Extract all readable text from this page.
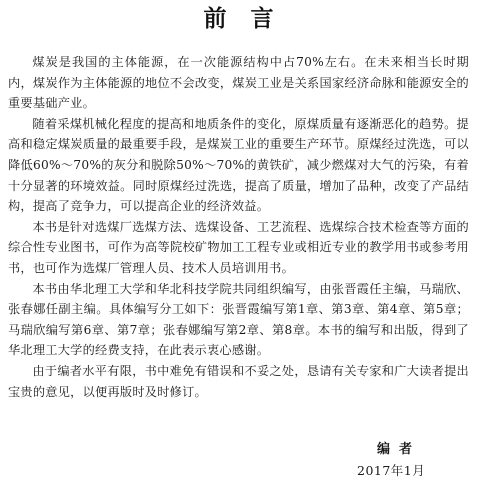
前言

煤炭是我国的主体能源，在一次能源结构中占70%左右。在未来相当长时期内，煤炭作为主体能源的地位不会改变，煤炭工业是关系国家经济命脉和能源安全的重要基础产业。

随着采煤机械化程度的提高和地质条件的变化，原煤质量有逐渐恶化的趋势。提高和稳定煤炭质量的最重要手段，是煤炭工业的重要生产环节。原煤经过洗选，可以降低60%～70%的灰分和脱除50%～70%的黄铁矿，减少燃煤对大气的污染，有着十分显著的环境效益。同时原煤经过洗选，提高了质量，增加了品种，改变了产品结构，提高了竞争力，可以提高企业的经济效益。

本书是针对选煤厂选煤方法、选煤设备、工艺流程、选煤综合技术检查等方面的综合性专业图书，可作为高等院校矿物加工工程专业或相近专业的教学用书或参考用书，也可作为选煤厂管理人员、技术人员培训用书。

本书由华北理工大学和华北科技学院共同组织编写，由张晋霞任主编，马瑞欣、张春娜任副主编。具体编写分工如下：张晋霞编写第1章、第3章、第4章、第5章；马瑞欣编写第6章、第7章；张春娜编写第2章、第8章。本书的编写和出版，得到了华北理工大学的经费支持，在此表示衷心感谢。

由于编者水平有限，书中难免有错误和不妥之处，恳请有关专家和广大读者提出宝贵的意见，以便再版时及时修订。

编者
2017年1月
